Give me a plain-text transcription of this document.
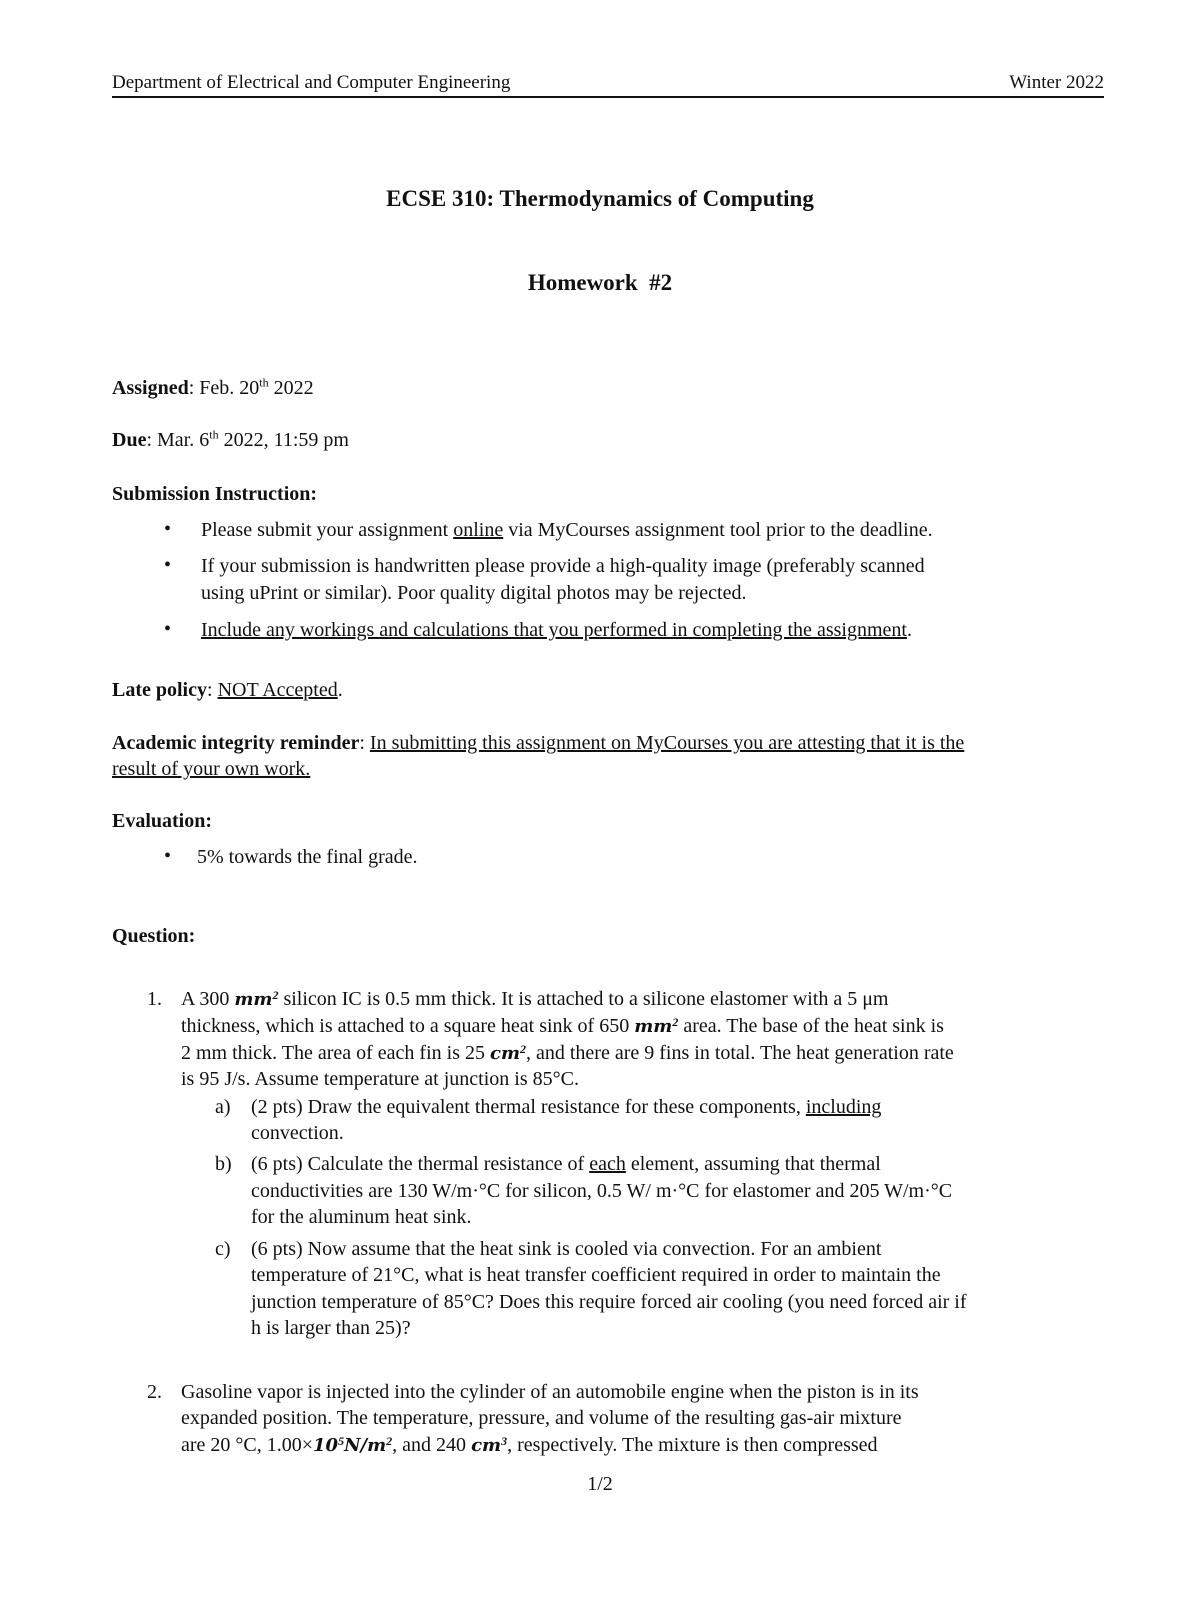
Department of Electrical and Computer Engineering	Winter 2022
ECSE 310: Thermodynamics of Computing
Homework  #2
Assigned: Feb. 20th 2022
Due: Mar. 6th 2022, 11:59 pm
Submission Instruction:
• Please submit your assignment online via MyCourses assignment tool prior to the deadline.
• If your submission is handwritten please provide a high-quality image (preferably scanned
using uPrint or similar). Poor quality digital photos may be rejected.
• Include any workings and calculations that you performed in completing the assignment.
Late policy: NOT Accepted.
Academic integrity reminder: In submitting this assignment on MyCourses you are attesting that it is the
result of your own work.
Evaluation:
• 5% towards the final grade.
Question:
1. A 300 $mm^2$ silicon IC is 0.5 mm thick. It is attached to a silicone elastomer with a 5 μm
thickness, which is attached to a square heat sink of 650 $mm^2$ area. The base of the heat sink is
2 mm thick. The area of each fin is 25 $cm^2$, and there are 9 fins in total. The heat generation rate
is 95 J/s. Assume temperature at junction is 85°C.
a) (2 pts) Draw the equivalent thermal resistance for these components, including
convection.
b) (6 pts) Calculate the thermal resistance of each element, assuming that thermal
conductivities are 130 W/m·°C for silicon, 0.5 W/ m·°C for elastomer and 205 W/m·°C
for the aluminum heat sink.
c) (6 pts) Now assume that the heat sink is cooled via convection. For an ambient
temperature of 21°C, what is heat transfer coefficient required in order to maintain the
junction temperature of 85°C? Does this require forced air cooling (you need forced air if
h is larger than 25)?
2. Gasoline vapor is injected into the cylinder of an automobile engine when the piston is in its
expanded position. The temperature, pressure, and volume of the resulting gas-air mixture
are 20 °C, $1.00\times 10^5N/m^2$, and 240 $cm^3$, respectively. The mixture is then compressed
1/2
